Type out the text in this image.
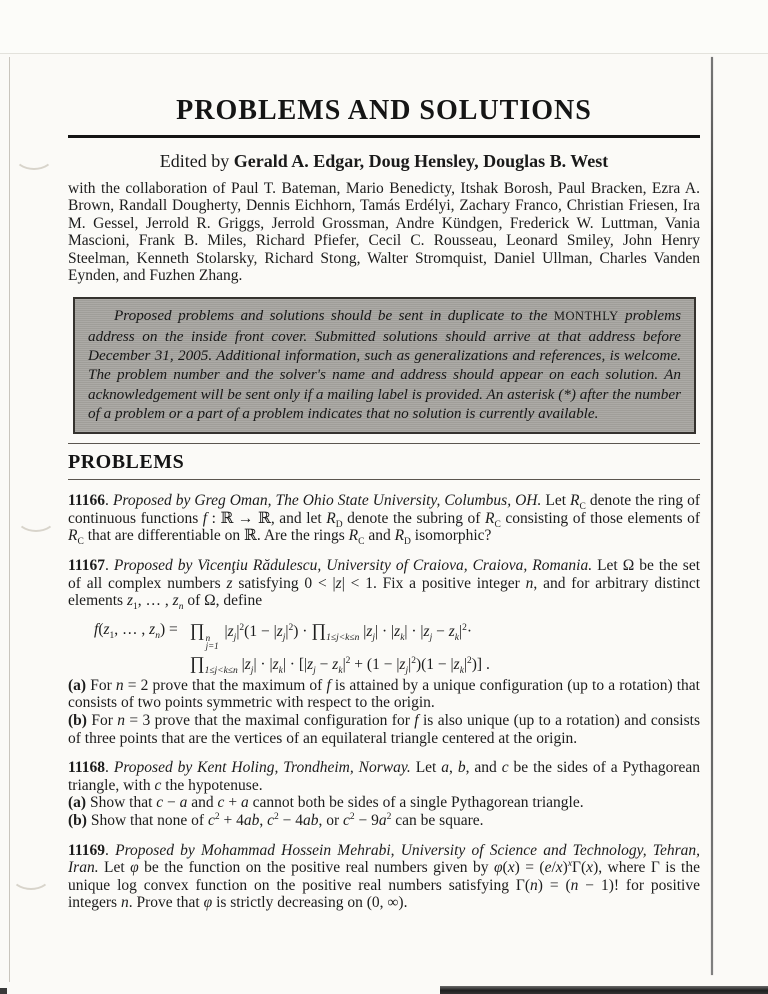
PROBLEMS AND SOLUTIONS
Edited by Gerald A. Edgar, Doug Hensley, Douglas B. West

with the collaboration of Paul T. Bateman, Mario Benedicty, Itshak Borosh, Paul Bracken, Ezra A. Brown, Randall Dougherty, Dennis Eichhorn, Tamás Erdélyi, Zachary Franco, Christian Friesen, Ira M. Gessel, Jerrold R. Griggs, Jerrold Grossman, Andre Kündgen, Frederick W. Luttman, Vania Mascioni, Frank B. Miles, Richard Pfiefer, Cecil C. Rousseau, Leonard Smiley, John Henry Steelman, Kenneth Stolarsky, Richard Stong, Walter Stromquist, Daniel Ullman, Charles Vanden Eynden, and Fuzhen Zhang.

Proposed problems and solutions should be sent in duplicate to the MONTHLY problems address on the inside front cover. Submitted solutions should arrive at that address before December 31, 2005. Additional information, such as generalizations and references, is welcome. The problem number and the solver's name and address should appear on each solution. An acknowledgement will be sent only if a mailing label is provided. An asterisk (*) after the number of a problem or a part of a problem indicates that no solution is currently available.

PROBLEMS

11166. Proposed by Greg Oman, The Ohio State University, Columbus, OH. Let $R_C$ denote the ring of continuous functions f : ℝ → ℝ, and let $R_D$ denote the subring of $R_C$ consisting of those elements of $R_C$ that are differentiable on ℝ. Are the rings $R_C$ and $R_D$ isomorphic?

11167. Proposed by Vicenţiu Rădulescu, University of Craiova, Craiova, Romania. Let Ω be the set of all complex numbers z satisfying 0 < |z| < 1. Fix a positive integer n, and for arbitrary distinct elements $z_1$, … , $z_n$ of Ω, define

$f(z_1$, … , $z_n$) = ∏ n
j=1
$|z_j|^2(1 - |z_j|^2)$ · $\prod_{1\le j<k\le n}$ $|z_j| \cdot |z_k| \cdot |z_j - z_k|^2\cdot$
$\prod_{1\le j<k\le n}$ $|z_j| \cdot |z_k| \cdot [|z_j - z_k|^2 + (1 - |z_j|^2)(1 - |z_k|^2)]$ .

(a) For n = 2 prove that the maximum of f is attained by a unique configuration (up to a rotation) that consists of two points symmetric with respect to the origin.

(b) For n = 3 prove that the maximal configuration for f is also unique (up to a rotation) and consists of three points that are the vertices of an equilateral triangle centered at the origin.

11168. Proposed by Kent Holing, Trondheim, Norway. Let a, b, and c be the sides of a Pythagorean triangle, with c the hypotenuse.

(a) Show that c − a and c + a cannot both be sides of a single Pythagorean triangle.

(b) Show that none of $c^2 + 4ab$, $c^2 - 4ab$, or $c^2 - 9a^2$ can be square.

11169. Proposed by Mohammad Hossein Mehrabi, University of Science and Technology, Tehran, Iran. Let φ be the function on the positive real numbers given by $\varphi(x) = (e/x)^x\Gamma(x)$, where Γ is the unique log convex function on the positive real numbers satisfying Γ(n) = (n − 1)! for positive integers n. Prove that φ is strictly decreasing on (0, ∞).
